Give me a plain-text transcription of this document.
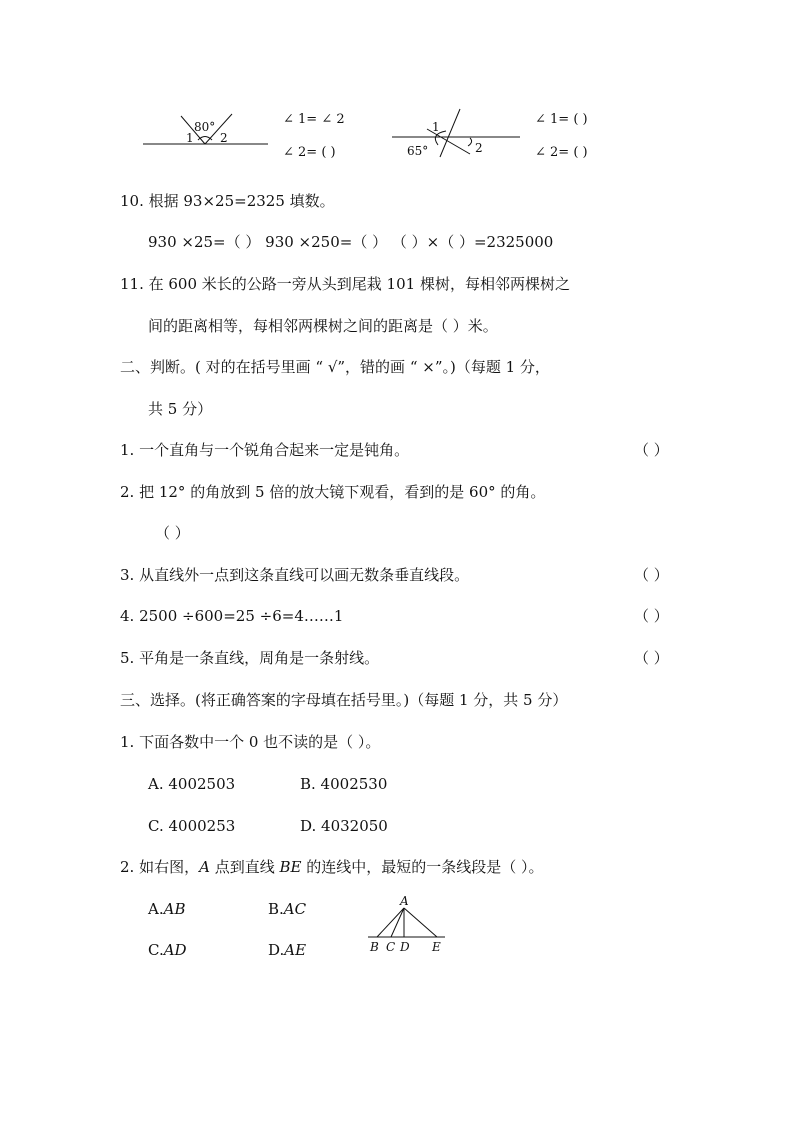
80°
1 2
1
2
65°
A
B C D E
∠ 1= ∠ 2
∠ 2= ( )
∠ 1= ( )
∠ 2= ( )
10. 根据 93×25=2325 填数。
930 ×25=（ ） 930 ×250=（ ） （ ）×（ ）=2325000
11. 在 600 米长的公路一旁从头到尾栽 101 棵树，每相邻两棵树之
间的距离相等，每相邻两棵树之间的距离是（ ）米。
二、判断。( 对的在括号里画 “ √”，错的画 “ ×”。)（每题 1 分，
共 5 分）
1. 一个直角与一个锐角合起来一定是钝角。	（ ）
2. 把 12° 的角放到 5 倍的放大镜下观看，看到的是 60° 的角。
（ ）
3. 从直线外一点到这条直线可以画无数条垂直线段。	（ ）
4. 2500 ÷600=25 ÷6=4……1	（ ）
5. 平角是一条直线，周角是一条射线。	（ ）
三、选择。(将正确答案的字母填在括号里。)（每题 1 分，共 5 分）
1. 下面各数中一个 0 也不读的是（ ）。
A. 4002503	B. 4002530
C. 4000253	D. 4032050
2. 如右图，A 点到直线 BE 的连线中，最短的一条线段是（ ）。
A.AB	B.AC
C.AD	D.AE
